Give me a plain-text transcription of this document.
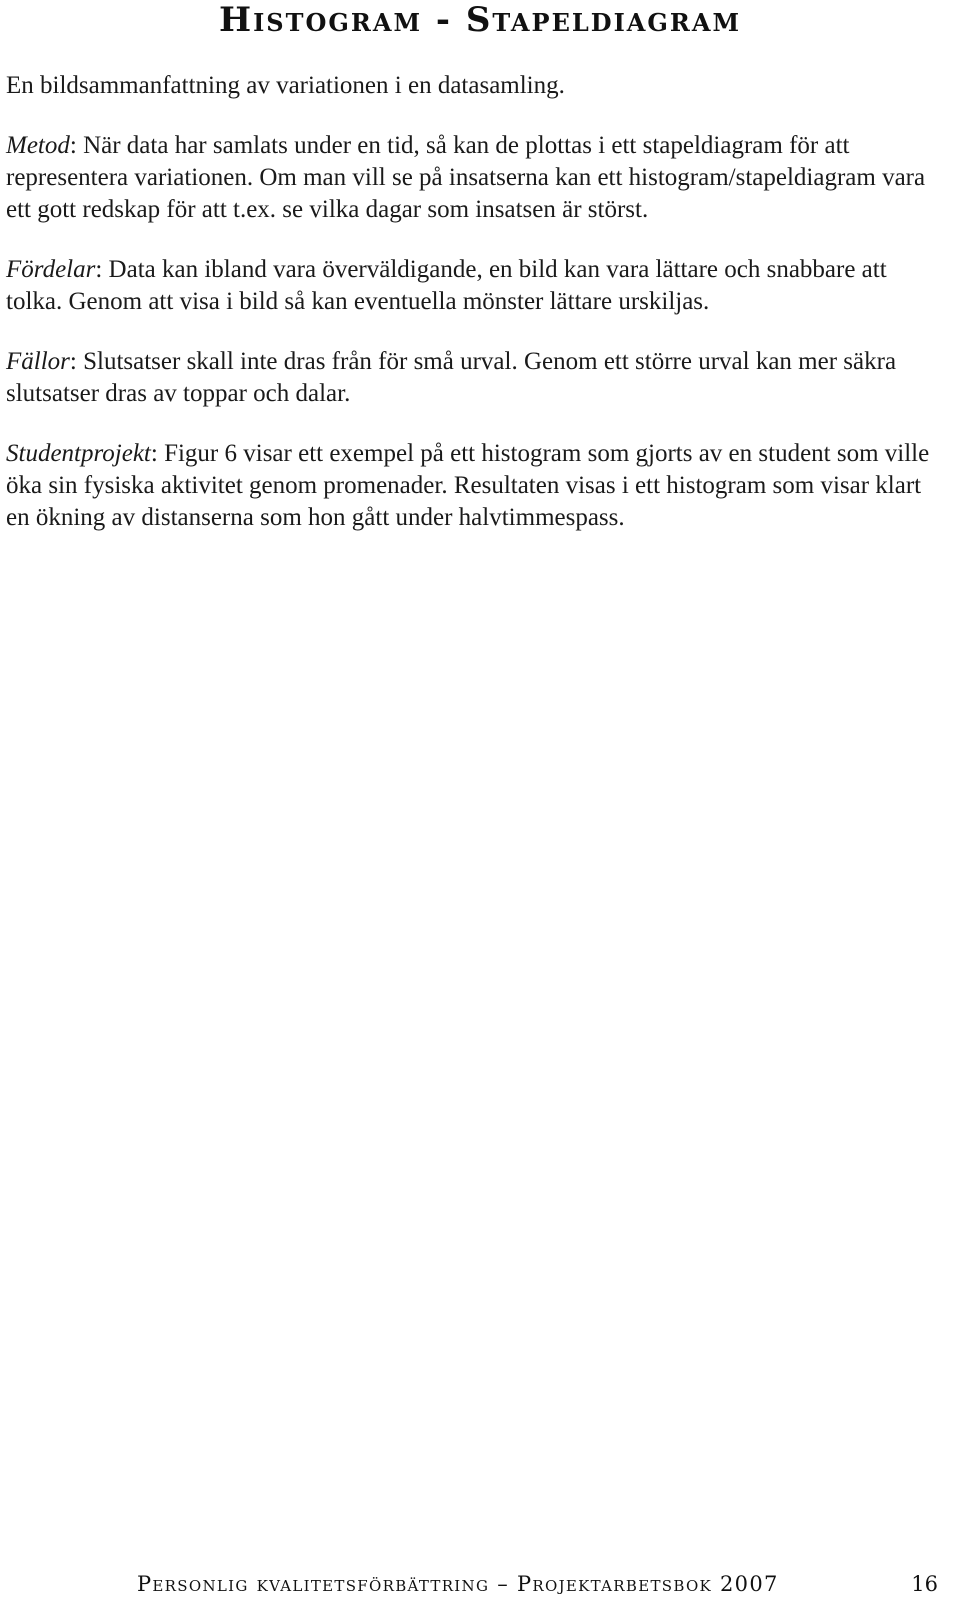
Histogram - Stapeldiagram

En bildsammanfattning av variationen i en datasamling.

Metod: När data har samlats under en tid, så kan de plottas i ett stapeldiagram för att representera variationen. Om man vill se på insatserna kan ett histogram/stapeldiagram vara ett gott redskap för att t.ex. se vilka dagar som insatsen är störst.

Fördelar: Data kan ibland vara överväldigande, en bild kan vara lättare och snabbare att tolka. Genom att visa i bild så kan eventuella mönster lättare urskiljas.

Fällor: Slutsatser skall inte dras från för små urval. Genom ett större urval kan mer säkra slutsatser dras av toppar och dalar.

Studentprojekt: Figur 6 visar ett exempel på ett histogram som gjorts av en student som ville öka sin fysiska aktivitet genom promenader. Resultaten visas i ett histogram som visar klart en ökning av distanserna som hon gått under halvtimmespass.

Personlig kvalitetsförbättring – Projektarbetsbok 2007	16
